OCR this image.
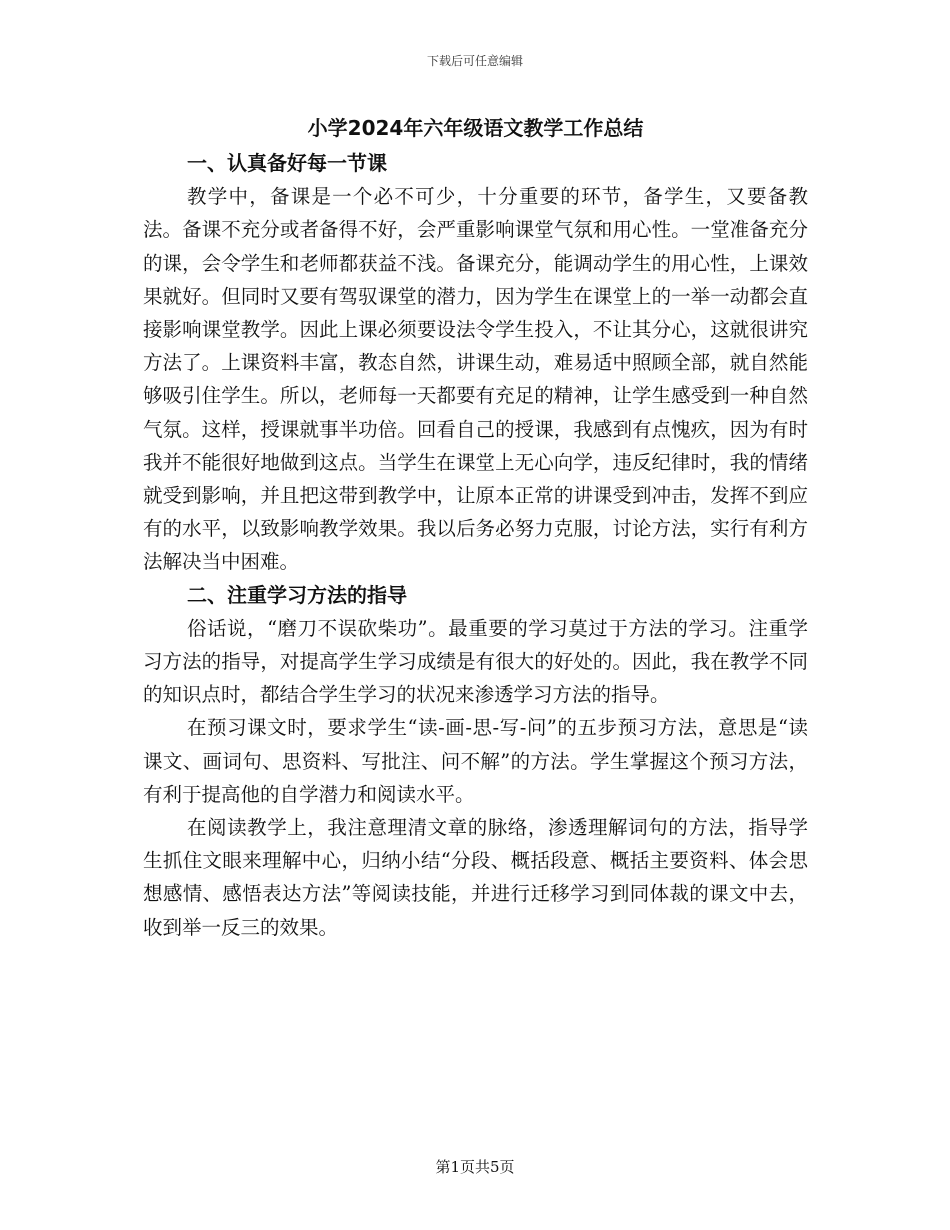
下载后可任意编辑
小学2024年六年级语文教学工作总结
一、认真备好每一节课

教学中，备课是一个必不可少，十分重要的环节，备学生，又要备教法。备课不充分或者备得不好，会严重影响课堂气氛和用心性。一堂准备充分的课，会令学生和老师都获益不浅。备课充分，能调动学生的用心性，上课效果就好。但同时又要有驾驭课堂的潜力，因为学生在课堂上的一举一动都会直接影响课堂教学。因此上课必须要设法令学生投入，不让其分心，这就很讲究方法了。上课资料丰富，教态自然，讲课生动，难易适中照顾全部，就自然能够吸引住学生。所以，老师每一天都要有充足的精神，让学生感受到一种自然气氛。这样，授课就事半功倍。回看自己的授课，我感到有点愧疚，因为有时我并不能很好地做到这点。当学生在课堂上无心向学，违反纪律时，我的情绪就受到影响，并且把这带到教学中，让原本正常的讲课受到冲击，发挥不到应有的水平，以致影响教学效果。我以后务必努力克服，讨论方法，实行有利方法解决当中困难。

二、注重学习方法的指导

俗话说，“磨刀不误砍柴功”。最重要的学习莫过于方法的学习。注重学习方法的指导，对提高学生学习成绩是有很大的好处的。因此，我在教学不同的知识点时，都结合学生学习的状况来渗透学习方法的指导。

在预习课文时，要求学生“读-画-思-写-问”的五步预习方法，意思是“读课文、画词句、思资料、写批注、问不解”的方法。学生掌握这个预习方法，有利于提高他的自学潜力和阅读水平。

在阅读教学上，我注意理清文章的脉络，渗透理解词句的方法，指导学生抓住文眼来理解中心，归纳小结“分段、概括段意、概括主要资料、体会思想感情、感悟表达方法”等阅读技能，并进行迁移学习到同体裁的课文中去，收到举一反三的效果。

第1页共5页
